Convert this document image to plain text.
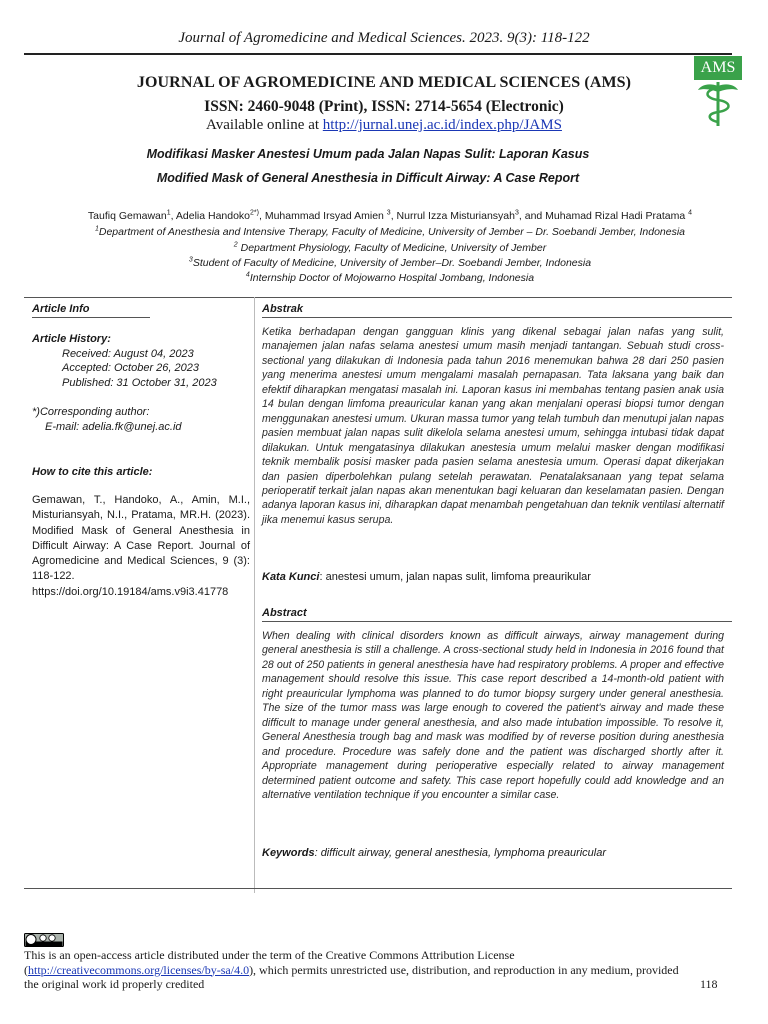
Journal of Agromedicine and Medical Sciences. 2023. 9(3): 118-122
JOURNAL OF AGROMEDICINE AND MEDICAL SCIENCES (AMS)
ISSN: 2460-9048 (Print), ISSN: 2714-5654 (Electronic)
Available online at http://jurnal.unej.ac.id/index.php/JAMS
AMS
Modifikasi Masker Anestesi Umum pada Jalan Napas Sulit: Laporan Kasus
Modified Mask of General Anesthesia in Difficult Airway: A Case Report
Taufiq Gemawan$^1$, Adelia Handoko$^{2*)}$, Muhammad Irsyad Amien $^3$, Nurrul Izza Misturiansyah$^3$, and Muhamad Rizal Hadi Pratama $^4$
$^1$Department of Anesthesia and Intensive Therapy, Faculty of Medicine, University of Jember – Dr. Soebandi Jember, Indonesia
$^2$ Department Physiology, Faculty of Medicine, University of Jember
$^3$Student of Faculty of Medicine, University of Jember–Dr. Soebandi Jember, Indonesia
$^4$Internship Doctor of Mojowarno Hospital Jombang, Indonesia
Article Info
Article History:
Received: August 04, 2023
Accepted: October 26, 2023
Published: 31 October 31, 2023
*)Corresponding author:
E-mail: adelia.fk@unej.ac.id
How to cite this article:
Gemawan, T., Handoko, A., Amin, M.I., Misturiansyah, N.I., Pratama, MR.H. (2023). Modified Mask of General Anesthesia in Difficult Airway: A Case Report. Journal of Agromedicine and Medical Sciences, 9 (3): 118-122.
https://doi.org/10.19184/ams.v9i3.41778
Abstrak
Ketika berhadapan dengan gangguan klinis yang dikenal sebagai jalan nafas yang sulit, manajemen jalan nafas selama anestesi umum masih menjadi tantangan. Sebuah studi cross-sectional yang dilakukan di Indonesia pada tahun 2016 menemukan bahwa 28 dari 250 pasien yang menerima anestesi umum mengalami masalah pernapasan. Tata laksana yang baik dan efektif diharapkan mengatasi masalah ini. Laporan kasus ini membahas tentang pasien anak usia 14 bulan dengan limfoma preauricular kanan yang akan menjalani operasi biopsi tumor dengan menggunakan anestesi umum. Ukuran massa tumor yang telah tumbuh dan menutupi jalan napas pasien membuat jalan napas sulit dikelola selama anestesi umum, sehingga intubasi tidak dapat dilakukan. Untuk mengatasinya dilakukan anestesia umum melalui masker dengan modifikasi teknik membalik posisi masker pada pasien selama anestesia umum. Operasi dapat dikerjakan dan pasien diperbolehkan pulang setelah perawatan. Penatalaksanaan yang tepat selama perioperatif terkait jalan napas akan menentukan bagi keluaran dan keselamatan pasien. Dengan adanya laporan kasus ini, diharapkan dapat menambah pengetahuan dan teknik ventilasi alternatif jika menemui kasus serupa.
Kata Kunci: anestesi umum, jalan napas sulit, limfoma preaurikular
Abstract
When dealing with clinical disorders known as difficult airways, airway management during general anesthesia is still a challenge. A cross-sectional study held in Indonesia in 2016 found that 28 out of 250 patients in general anesthesia have had respiratory problems. A proper and effective management should resolve this issue. This case report described a 14-month-old patient with right preauricular lymphoma was planned to do tumor biopsy surgery under general anesthesia. The size of the tumor mass was large enough to covered the patient's airway and made these difficult to manage under general anesthesia, and also made intubation impossible. To resolve it, General Anesthesia trough bag and mask was modified by of reverse position during anesthesia and procedure. Procedure was safely done and the patient was discharged shortly after it. Appropriate management during perioperative especially related to airway management determined patient outcome and safety. This case report hopefully could add knowledge and an alternative ventilation technique if you encounter a similar case.
Keywords: difficult airway, general anesthesia, lymphoma preauricular
This is an open-access article distributed under the term of the Creative Commons Attribution License
(http://creativecommons.org/licenses/by-sa/4.0), which permits unrestricted use, distribution, and reproduction in any medium, provided
the original work id properly credited	118
